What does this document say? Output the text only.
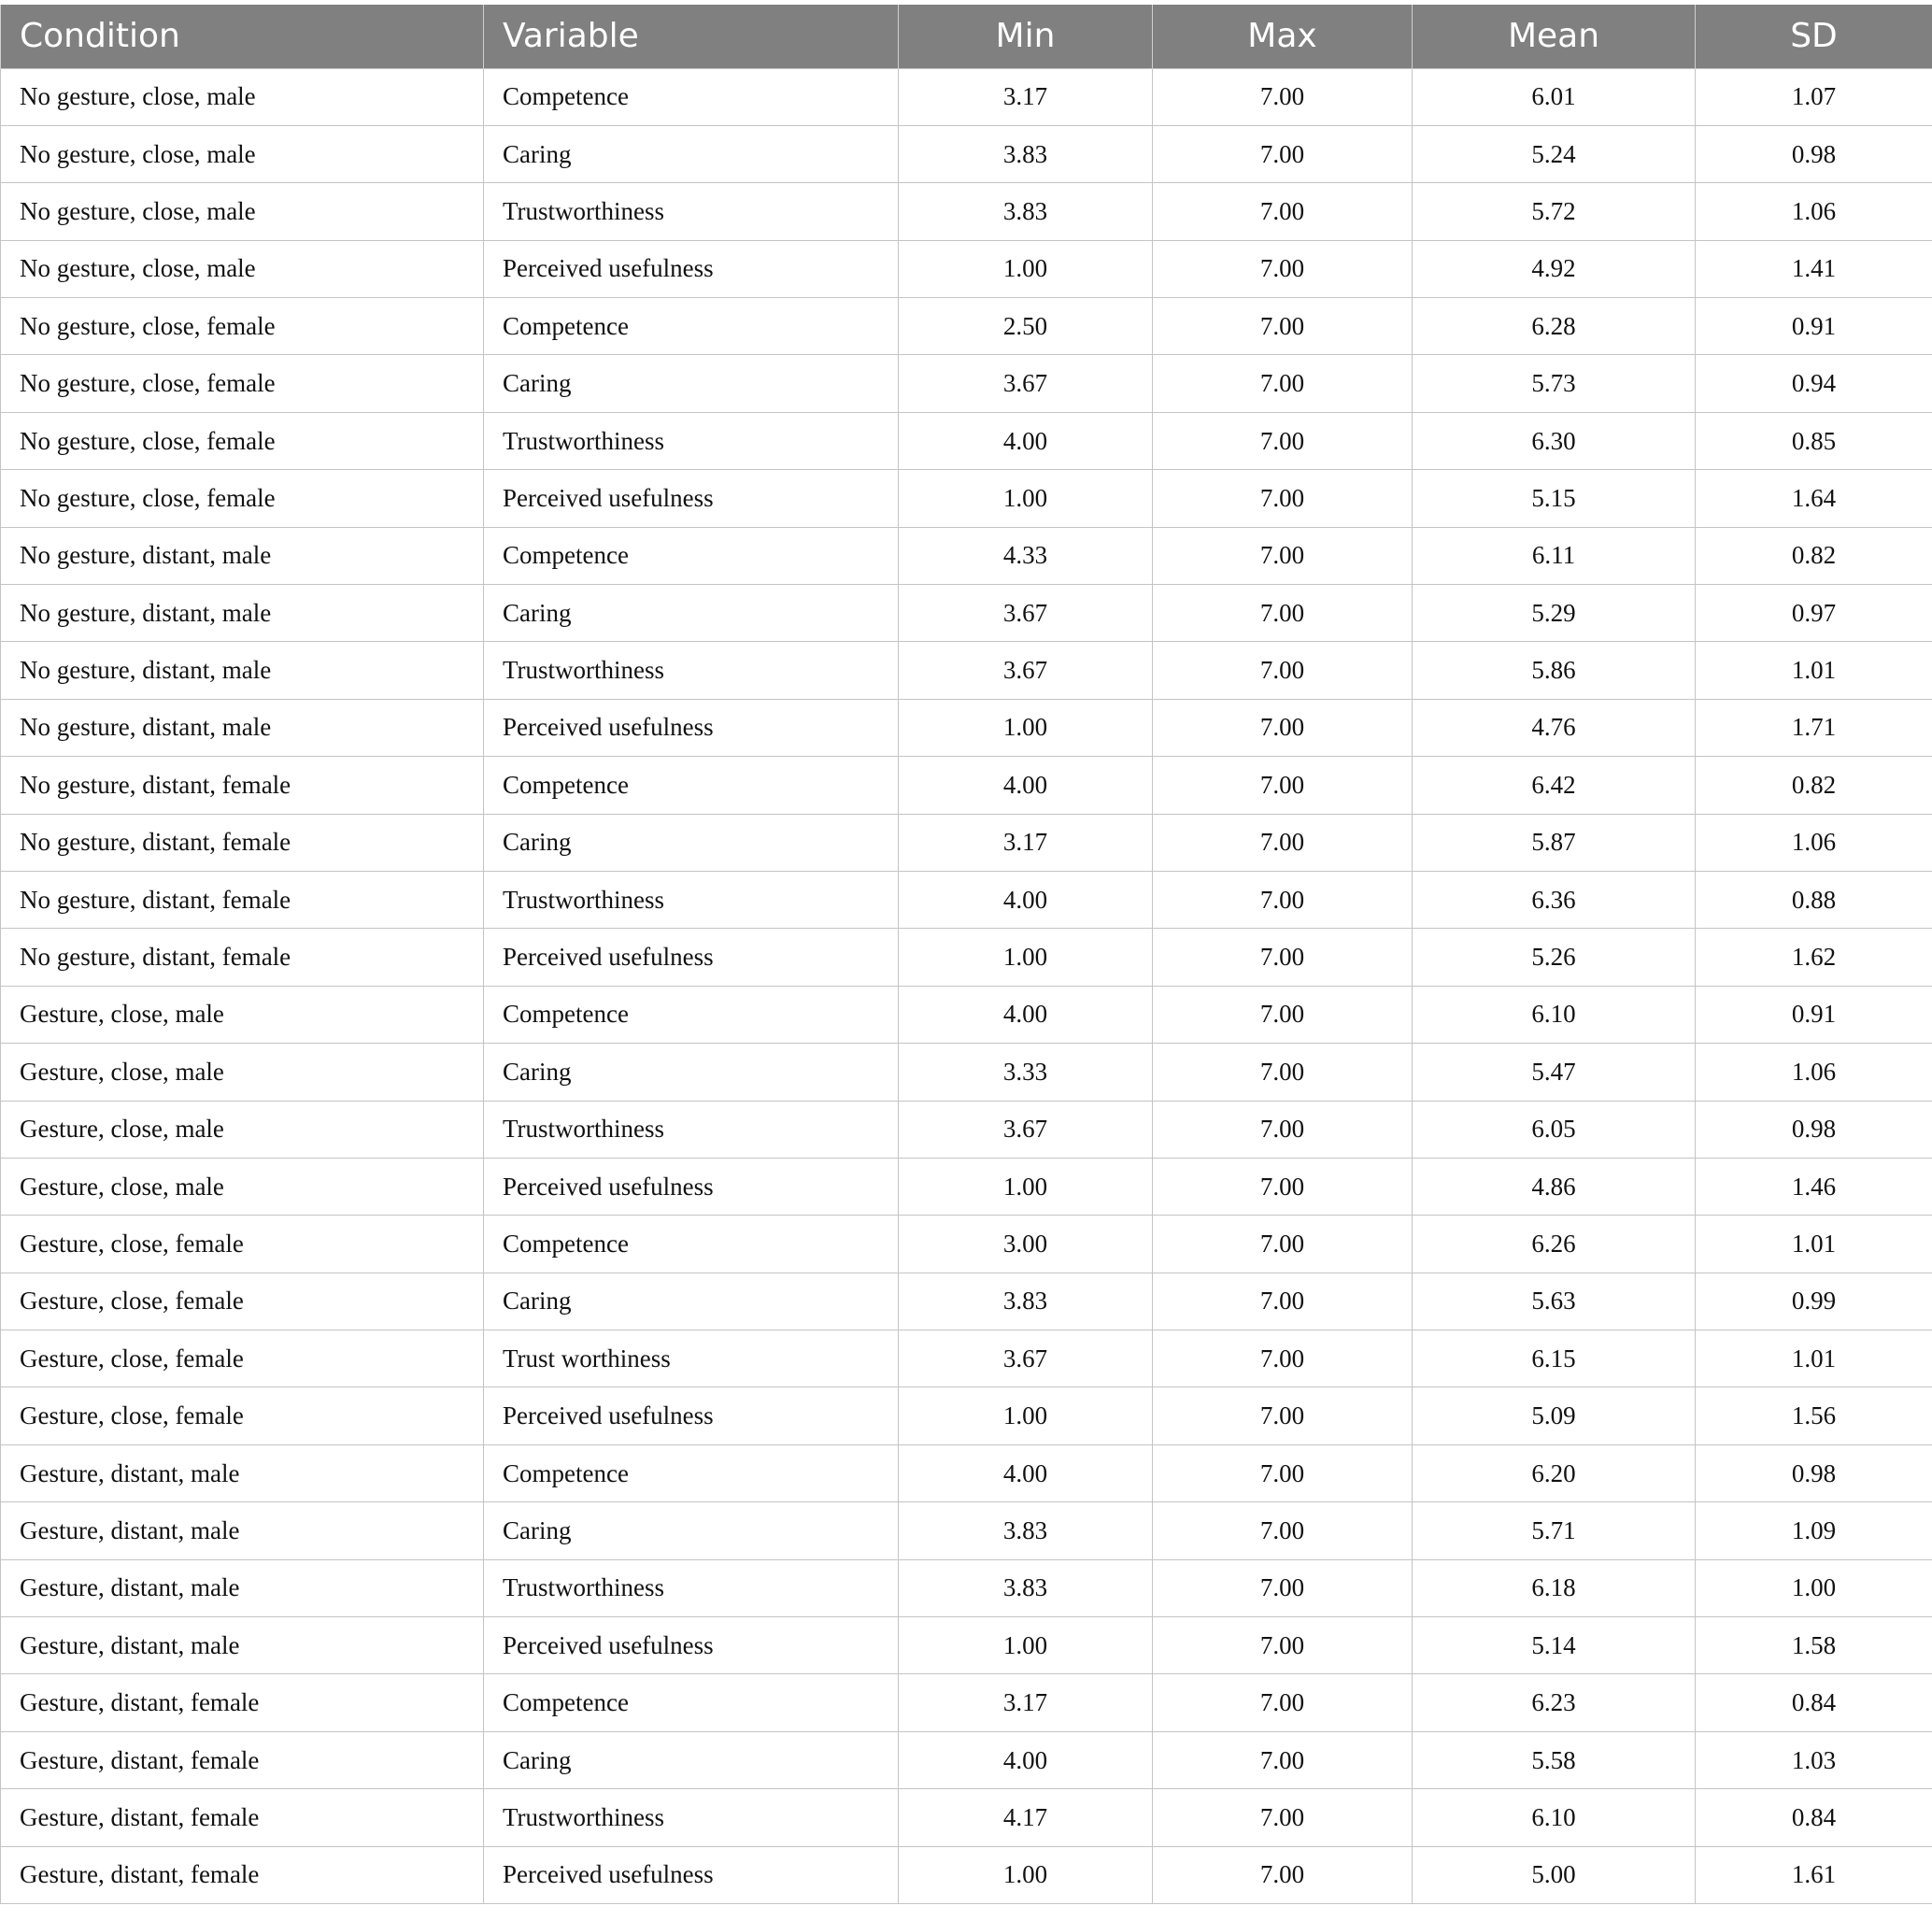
Condition	Variable	Min	Max	Mean	SD
No gesture, close, male	Competence	3.17	7.00	6.01	1.07
No gesture, close, male	Caring	3.83	7.00	5.24	0.98
No gesture, close, male	Trustworthiness	3.83	7.00	5.72	1.06
No gesture, close, male	Perceived usefulness	1.00	7.00	4.92	1.41
No gesture, close, female	Competence	2.50	7.00	6.28	0.91
No gesture, close, female	Caring	3.67	7.00	5.73	0.94
No gesture, close, female	Trustworthiness	4.00	7.00	6.30	0.85
No gesture, close, female	Perceived usefulness	1.00	7.00	5.15	1.64
No gesture, distant, male	Competence	4.33	7.00	6.11	0.82
No gesture, distant, male	Caring	3.67	7.00	5.29	0.97
No gesture, distant, male	Trustworthiness	3.67	7.00	5.86	1.01
No gesture, distant, male	Perceived usefulness	1.00	7.00	4.76	1.71
No gesture, distant, female	Competence	4.00	7.00	6.42	0.82
No gesture, distant, female	Caring	3.17	7.00	5.87	1.06
No gesture, distant, female	Trustworthiness	4.00	7.00	6.36	0.88
No gesture, distant, female	Perceived usefulness	1.00	7.00	5.26	1.62
Gesture, close, male	Competence	4.00	7.00	6.10	0.91
Gesture, close, male	Caring	3.33	7.00	5.47	1.06
Gesture, close, male	Trustworthiness	3.67	7.00	6.05	0.98
Gesture, close, male	Perceived usefulness	1.00	7.00	4.86	1.46
Gesture, close, female	Competence	3.00	7.00	6.26	1.01
Gesture, close, female	Caring	3.83	7.00	5.63	0.99
Gesture, close, female	Trust worthiness	3.67	7.00	6.15	1.01
Gesture, close, female	Perceived usefulness	1.00	7.00	5.09	1.56
Gesture, distant, male	Competence	4.00	7.00	6.20	0.98
Gesture, distant, male	Caring	3.83	7.00	5.71	1.09
Gesture, distant, male	Trustworthiness	3.83	7.00	6.18	1.00
Gesture, distant, male	Perceived usefulness	1.00	7.00	5.14	1.58
Gesture, distant, female	Competence	3.17	7.00	6.23	0.84
Gesture, distant, female	Caring	4.00	7.00	5.58	1.03
Gesture, distant, female	Trustworthiness	4.17	7.00	6.10	0.84
Gesture, distant, female	Perceived usefulness	1.00	7.00	5.00	1.61
